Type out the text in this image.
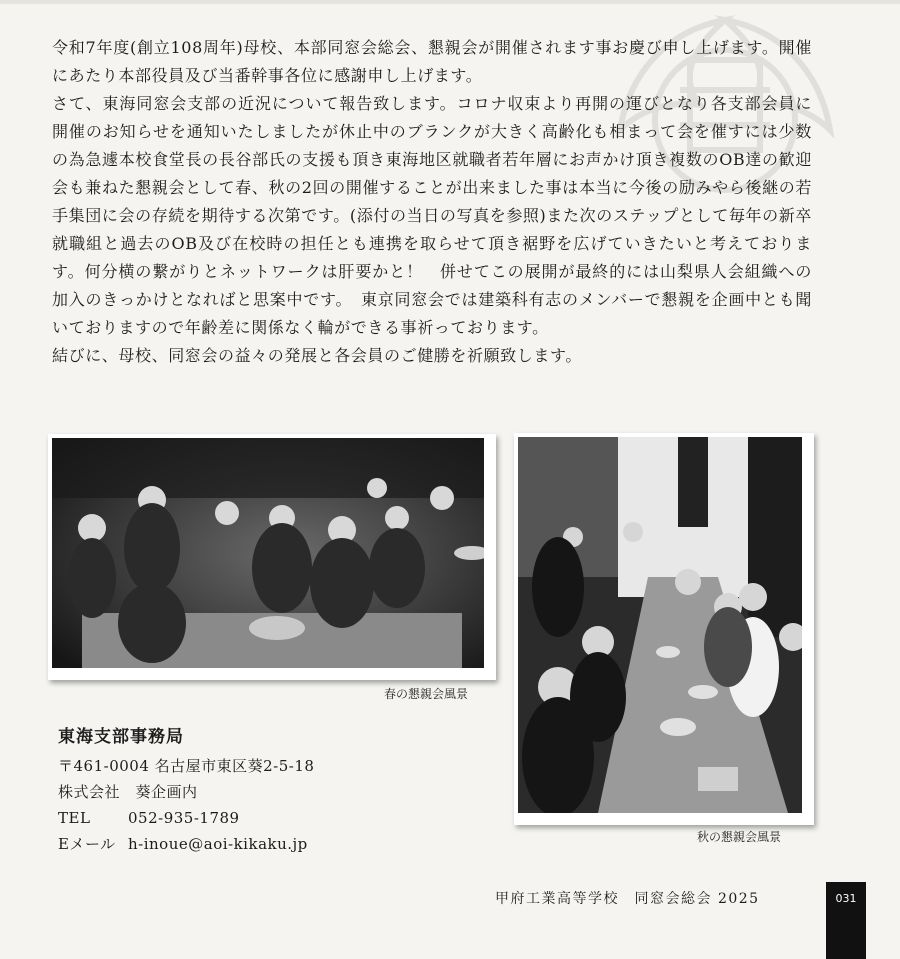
令和7年度(創立108周年)母校、本部同窓会総会、懇親会が開催されます事お慶び申し上げます。開催にあたり本部役員及び当番幹事各位に感謝申し上げます。

さて、東海同窓会支部の近況について報告致します。コロナ収束より再開の運びとなり各支部会員に開催のお知らせを通知いたしましたが休止中のブランクが大きく高齢化も相まって会を催すには少数の為急遽本校食堂長の長谷部氏の支援も頂き東海地区就職者若年層にお声かけ頂き複数のOB達の歓迎会も兼ねた懇親会として春、秋の2回の開催することが出来ました事は本当に今後の励みやら後継の若手集団に会の存続を期待する次第です。(添付の当日の写真を参照)また次のステップとして毎年の新卒就職組と過去のOB及び在校時の担任とも連携を取らせて頂き裾野を広げていきたいと考えております。何分横の繋がりとネットワークは肝要かと！　併せてこの展開が最終的には山梨県人会組織への加入のきっかけとなればと思案中です。　東京同窓会では建築科有志のメンバーで懇親を企画中とも聞いておりますので年齢差に関係なく輪ができる事祈っております。

結びに、母校、同窓会の益々の発展と各会員のご健勝を祈願致します。

春の懇親会風景
秋の懇親会風景
東海支部事務局
〒461-0004 名古屋市東区葵2-5-18
株式会社　葵企画内
TEL	052-935-1789
Eメール h-inoue@aoi-kikaku.jp
甲府工業高等学校　同窓会総会 2025	031
